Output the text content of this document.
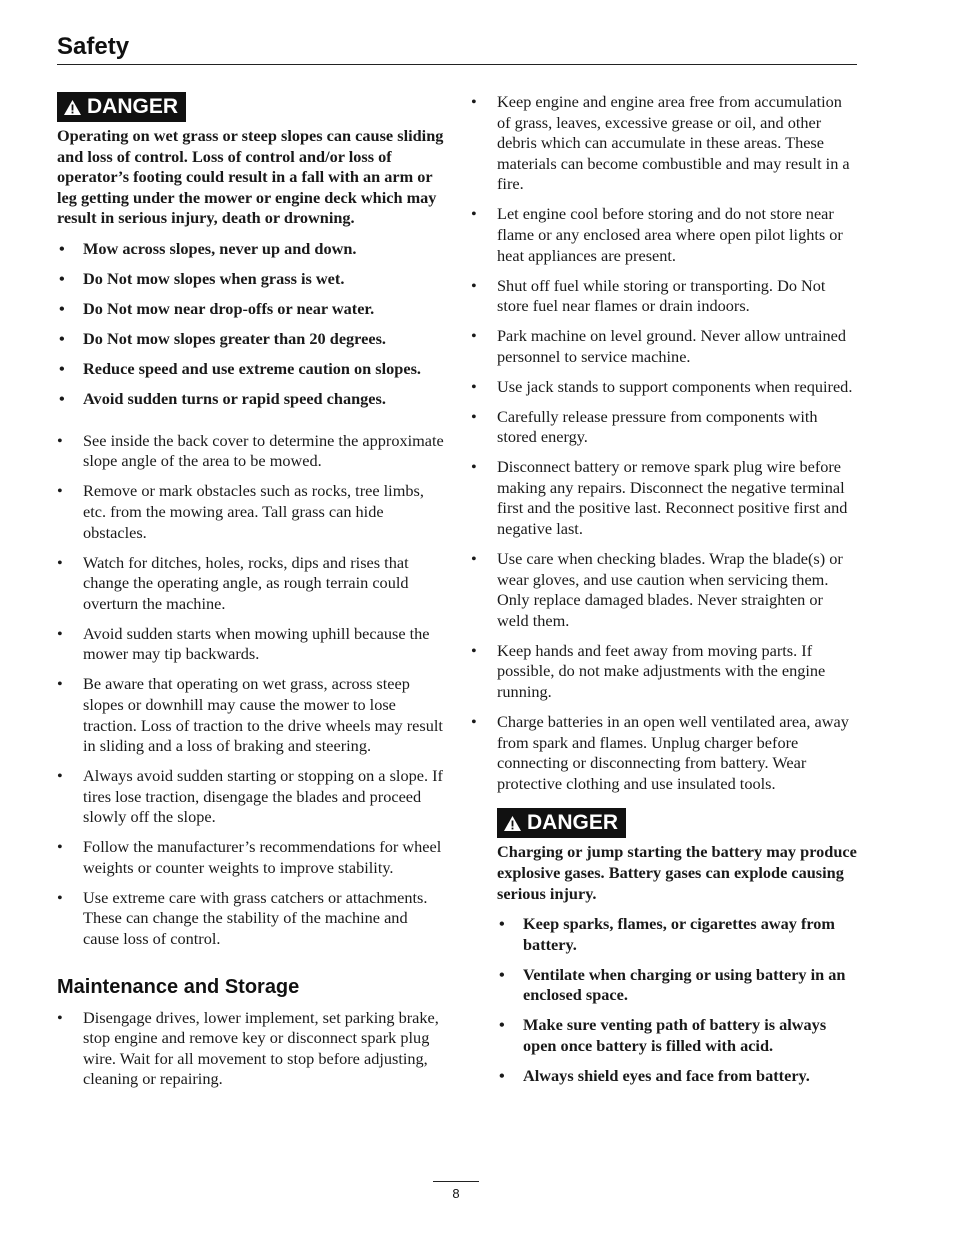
Safety
DANGER

Operating on wet grass or steep slopes can cause sliding and loss of control. Loss of control and/or loss of operator’s footing could result in a fall with an arm or leg getting under the mower or engine deck which may result in serious injury, death or drowning.

•	Mow across slopes, never up and down.
•	Do Not mow slopes when grass is wet.
•	Do Not mow near drop-offs or near water.
•	Do Not mow slopes greater than 20 degrees.
•	Reduce speed and use extreme caution on slopes.
•	Avoid sudden turns or rapid speed changes.
•	See inside the back cover to determine the approximate slope angle of the area to be mowed.
•	Remove or mark obstacles such as rocks, tree limbs, etc. from the mowing area. Tall grass can hide obstacles.
•	Watch for ditches, holes, rocks, dips and rises that change the operating angle, as rough terrain could overturn the machine.
•	Avoid sudden starts when mowing uphill because the mower may tip backwards.
•	Be aware that operating on wet grass, across steep slopes or downhill may cause the mower to lose traction. Loss of traction to the drive wheels may result in sliding and a loss of braking and steering.
•	Always avoid sudden starting or stopping on a slope. If tires lose traction, disengage the blades and proceed slowly off the slope.
•	Follow the manufacturer’s recommendations for wheel weights or counter weights to improve stability.
•	Use extreme care with grass catchers or attachments. These can change the stability of the machine and cause loss of control.
Maintenance and Storage
•	Disengage drives, lower implement, set parking brake, stop engine and remove key or disconnect spark plug wire. Wait for all movement to stop before adjusting, cleaning or repairing.
•	Keep engine and engine area free from accumulation of grass, leaves, excessive grease or oil, and other debris which can accumulate in these areas. These materials can become combustible and may result in a fire.
•	Let engine cool before storing and do not store near flame or any enclosed area where open pilot lights or heat appliances are present.
•	Shut off fuel while storing or transporting. Do Not store fuel near flames or drain indoors.
•	Park machine on level ground. Never allow untrained personnel to service machine.
•	Use jack stands to support components when required.
•	Carefully release pressure from components with stored energy.
•	Disconnect battery or remove spark plug wire before making any repairs. Disconnect the negative terminal first and the positive last. Reconnect positive first and negative last.
•	Use care when checking blades. Wrap the blade(s) or wear gloves, and use caution when servicing them. Only replace damaged blades. Never straighten or weld them.
•	Keep hands and feet away from moving parts. If possible, do not make adjustments with the engine running.
•	Charge batteries in an open well ventilated area, away from spark and flames. Unplug charger before connecting or disconnecting from battery. Wear protective clothing and use insulated tools.
DANGER

Charging or jump starting the battery may produce explosive gases. Battery gases can explode causing serious injury.

•	Keep sparks, flames, or cigarettes away from battery.
•	Ventilate when charging or using battery in an enclosed space.
•	Make sure venting path of battery is always open once battery is filled with acid.
•	Always shield eyes and face from battery.
8
